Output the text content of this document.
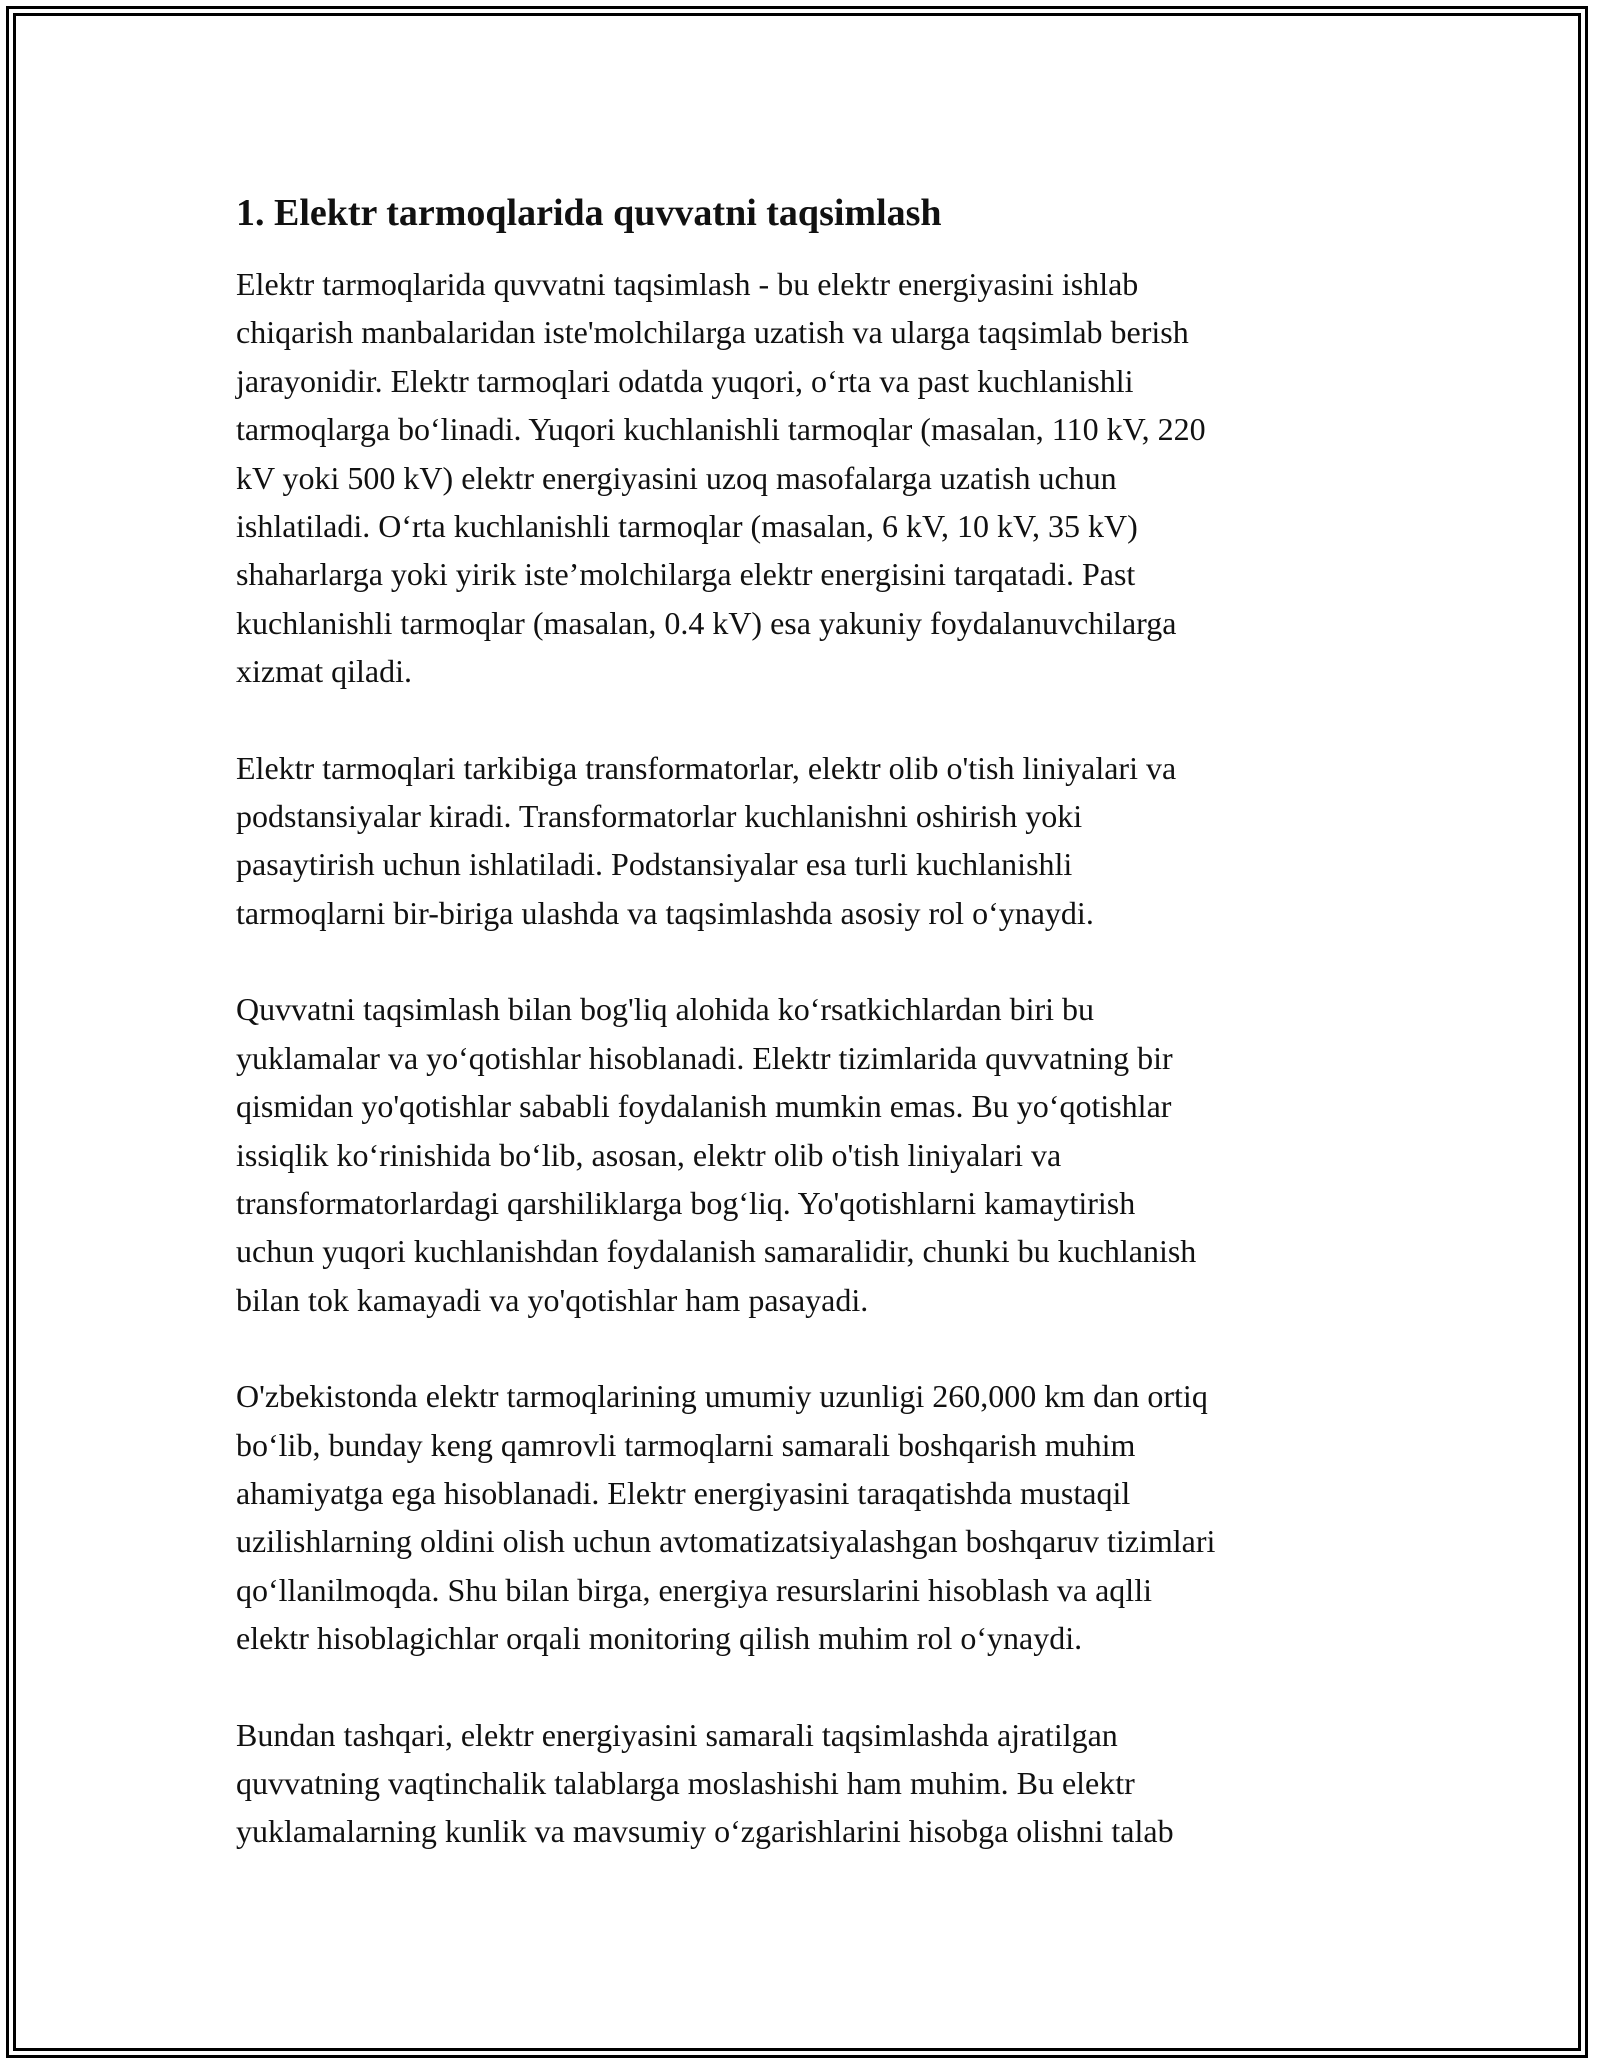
1. Elektr tarmoqlarida quvvatni taqsimlash

Elektr tarmoqlarida quvvatni taqsimlash - bu elektr energiyasini ishlab
chiqarish manbalaridan iste'molchilarga uzatish va ularga taqsimlab berish
jarayonidir. Elektr tarmoqlari odatda yuqori, o‘rta va past kuchlanishli
tarmoqlarga bo‘linadi. Yuqori kuchlanishli tarmoqlar (masalan, 110 kV, 220
kV yoki 500 kV) elektr energiyasini uzoq masofalarga uzatish uchun
ishlatiladi. O‘rta kuchlanishli tarmoqlar (masalan, 6 kV, 10 kV, 35 kV)
shaharlarga yoki yirik iste’molchilarga elektr energisini tarqatadi. Past
kuchlanishli tarmoqlar (masalan, 0.4 kV) esa yakuniy foydalanuvchilarga
xizmat qiladi.

Elektr tarmoqlari tarkibiga transformatorlar, elektr olib o'tish liniyalari va
podstansiyalar kiradi. Transformatorlar kuchlanishni oshirish yoki
pasaytirish uchun ishlatiladi. Podstansiyalar esa turli kuchlanishli
tarmoqlarni bir-biriga ulashda va taqsimlashda asosiy rol o‘ynaydi.

Quvvatni taqsimlash bilan bog'liq alohida ko‘rsatkichlardan biri bu
yuklamalar va yo‘qotishlar hisoblanadi. Elektr tizimlarida quvvatning bir
qismidan yo'qotishlar sababli foydalanish mumkin emas. Bu yo‘qotishlar
issiqlik ko‘rinishida bo‘lib, asosan, elektr olib o'tish liniyalari va
transformatorlardagi qarshiliklarga bog‘liq. Yo'qotishlarni kamaytirish
uchun yuqori kuchlanishdan foydalanish samaralidir, chunki bu kuchlanish
bilan tok kamayadi va yo'qotishlar ham pasayadi.

O'zbekistonda elektr tarmoqlarining umumiy uzunligi 260,000 km dan ortiq
bo‘lib, bunday keng qamrovli tarmoqlarni samarali boshqarish muhim
ahamiyatga ega hisoblanadi. Elektr energiyasini taraqatishda mustaqil
uzilishlarning oldini olish uchun avtomatizatsiyalashgan boshqaruv tizimlari
qo‘llanilmoqda. Shu bilan birga, energiya resurslarini hisoblash va aqlli
elektr hisoblagichlar orqali monitoring qilish muhim rol o‘ynaydi.

Bundan tashqari, elektr energiyasini samarali taqsimlashda ajratilgan
quvvatning vaqtinchalik talablarga moslashishi ham muhim. Bu elektr
yuklamalarning kunlik va mavsumiy o‘zgarishlarini hisobga olishni talab
